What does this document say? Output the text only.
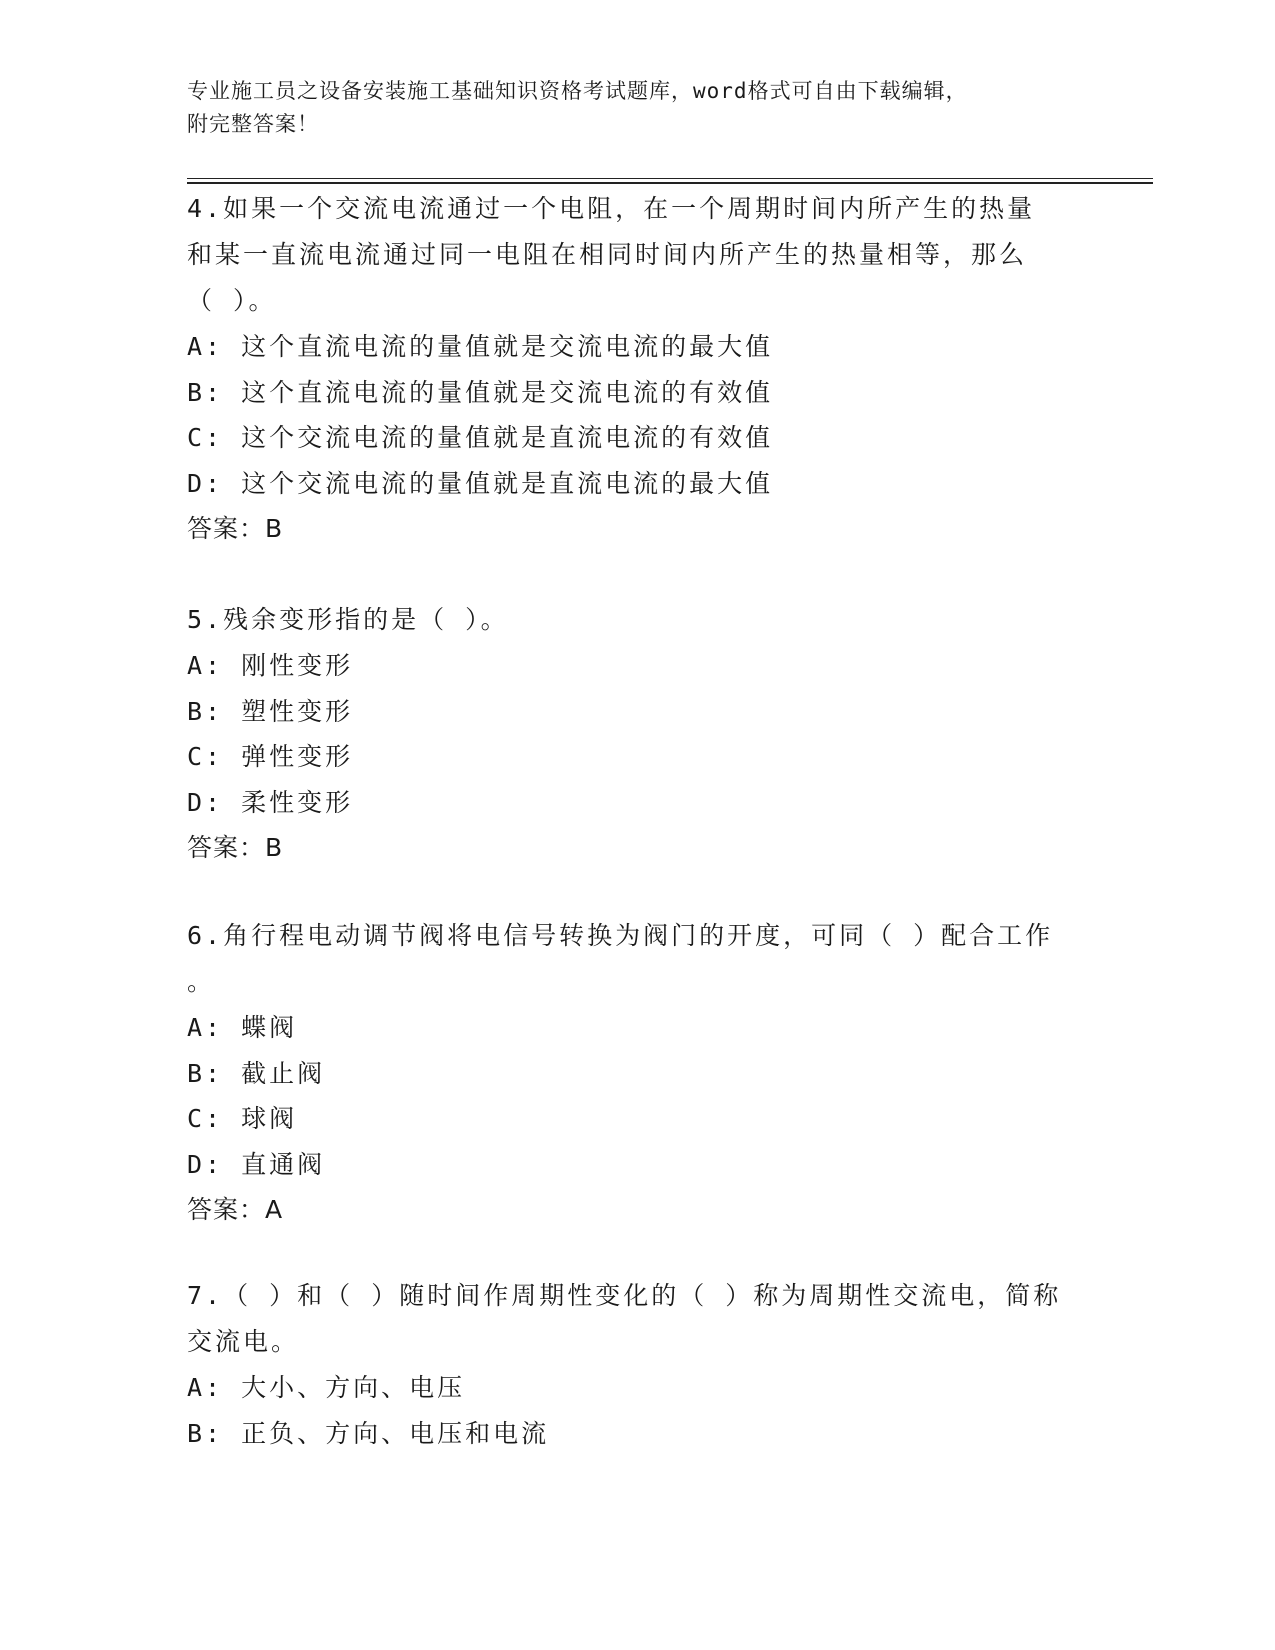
专业施工员之设备安装施工基础知识资格考试题库，word格式可自由下载编辑，
附完整答案！

4.如果一个交流电流通过一个电阻，在一个周期时间内所产生的热量

和某一直流电流通过同一电阻在相同时间内所产生的热量相等，那么

（ ）。

A: 这个直流电流的量值就是交流电流的最大值

B: 这个直流电流的量值就是交流电流的有效值

C: 这个交流电流的量值就是直流电流的有效值

D: 这个交流电流的量值就是直流电流的最大值

答案：B

5.残余变形指的是（ ）。

A: 刚性变形

B: 塑性变形

C: 弹性变形

D: 柔性变形

答案：B

6.角行程电动调节阀将电信号转换为阀门的开度，可同（ ）配合工作

。

A: 蝶阀

B: 截止阀

C: 球阀

D: 直通阀

答案：A

7.（ ）和（ ）随时间作周期性变化的（ ）称为周期性交流电，简称

交流电。

A: 大小、方向、电压

B: 正负、方向、电压和电流
